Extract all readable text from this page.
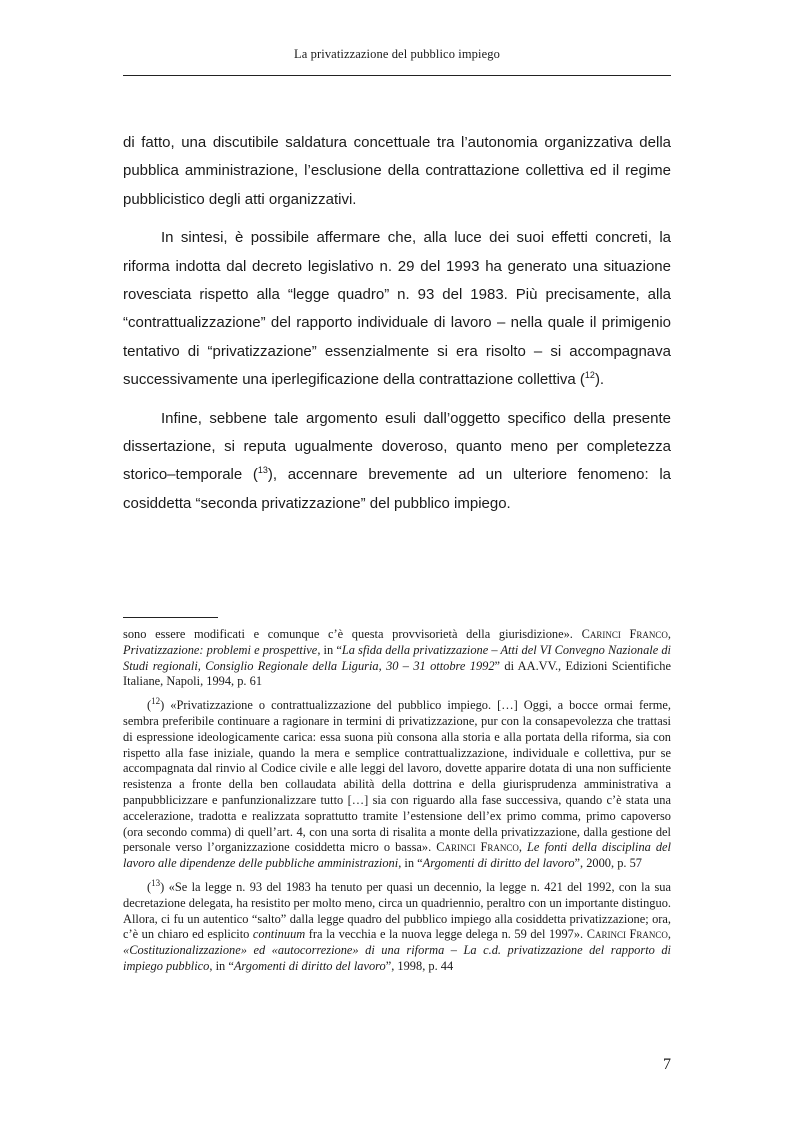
La privatizzazione del pubblico impiego

di fatto, una discutibile saldatura concettuale tra l’autonomia organizzativa della pubblica amministrazione, l’esclusione della contrattazione collettiva ed il regime pubblicistico degli atti organizzativi.

In sintesi, è possibile affermare che, alla luce dei suoi effetti concreti, la riforma indotta dal decreto legislativo n. 29 del 1993 ha generato una situazione rovesciata rispetto alla “legge quadro” n. 93 del 1983. Più precisamente, alla “contrattualizzazione” del rapporto individuale di lavoro – nella quale il primigenio tentativo di “privatizzazione” essenzialmente si era risolto – si accompagnava successivamente una iperlegificazione della contrattazione collettiva ($^{12}$).

Infine, sebbene tale argomento esuli dall’oggetto specifico della presente dissertazione, si reputa ugualmente doveroso, quanto meno per completezza storico–temporale ($^{13}$), accennare brevemente ad un ulteriore fenomeno: la cosiddetta “seconda privatizzazione” del pubblico impiego.

sono essere modificati e comunque c’è questa provvisorietà della giurisdizione». Carinci Franco, Privatizzazione: problemi e prospettive, in “La sfida della privatizzazione – Atti del VI Convegno Nazionale di Studi regionali, Consiglio Regionale della Liguria, 30 – 31 ottobre 1992” di AA.VV., Edizioni Scientifiche Italiane, Napoli, 1994, p. 61

($^{12}$) «Privatizzazione o contrattualizzazione del pubblico impiego. […] Oggi, a bocce ormai ferme, sembra preferibile continuare a ragionare in termini di privatizzazione, pur con la consapevolezza che trattasi di espressione ideologicamente carica: essa suona più consona alla storia e alla portata della riforma, sia con rispetto alla fase iniziale, quando la mera e semplice contrattualizzazione, individuale e collettiva, pur se accompagnata dal rinvio al Codice civile e alle leggi del lavoro, dovette apparire dotata di una non sufficiente resistenza a fronte della ben collaudata abilità della dottrina e della giurisprudenza amministrativa a panpubblicizzare e panfunzionalizzare tutto […] sia con riguardo alla fase successiva, quando c’è stata una accelerazione, tradotta e realizzata soprattutto tramite l’estensione dell’ex primo comma, primo capoverso (ora secondo comma) di quell’art. 4, con una sorta di risalita a monte della privatizzazione, dalla gestione del personale verso l’organizzazione cosiddetta micro o bassa». Carinci Franco, Le fonti della disciplina del lavoro alle dipendenze delle pubbliche amministrazioni, in “Argomenti di diritto del lavoro”, 2000, p. 57

($^{13}$) «Se la legge n. 93 del 1983 ha tenuto per quasi un decennio, la legge n. 421 del 1992, con la sua decretazione delegata, ha resistito per molto meno, circa un quadriennio, peraltro con un importante distinguo. Allora, ci fu un autentico “salto” dalla legge quadro del pubblico impiego alla cosiddetta privatizzazione; ora, c’è un chiaro ed esplicito continuum fra la vecchia e la nuova legge delega n. 59 del 1997». Carinci Franco, «Costituzionalizzazione» ed «autocorrezione» di una riforma – La c.d. privatizzazione del rapporto di impiego pubblico, in “Argomenti di diritto del lavoro”, 1998, p. 44

7
